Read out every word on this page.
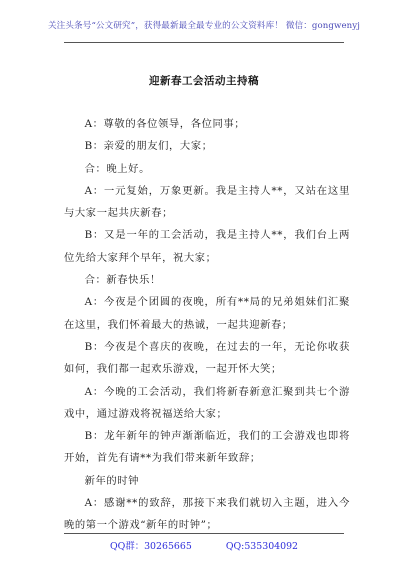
关注头条号“公文研究”，获得最新最全最专业的公文资料库！ 微信：gongwenyj
迎新春工会活动主持稿

A：尊敬的各位领导，各位同事；

B：亲爱的朋友们，大家；

合：晚上好。

A：一元复始，万象更新。我是主持人**，又站在这里与大家一起共庆新春；

B：又是一年的工会活动，我是主持人**，我们台上两位先给大家拜个早年，祝大家；

合：新春快乐！

A：今夜是个团圆的夜晚，所有**局的兄弟姐妹们汇聚在这里，我们怀着最大的热诚，一起共迎新春；

B：今夜是个喜庆的夜晚，在过去的一年，无论你收获如何，我们都一起欢乐游戏，一起开怀大笑；

A：今晚的工会活动，我们将新春新意汇聚到共七个游戏中，通过游戏将祝福送给大家；

B：龙年新年的钟声渐渐临近，我们的工会游戏也即将开始，首先有请**为我们带来新年致辞；

新年的时钟

A：感谢**的致辞，那接下来我们就切入主题，进入今晚的第一个游戏“新年的时钟”；

QQ群：30265665	QQ:535304092
